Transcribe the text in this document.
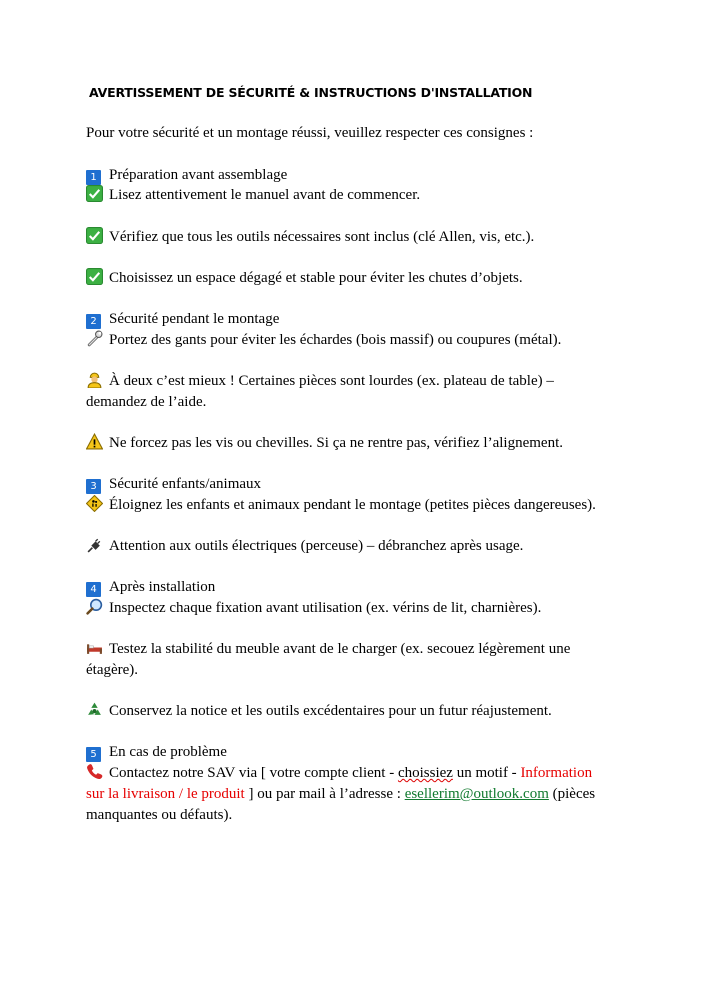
AVERTISSEMENT DE SÉCURITÉ & INSTRUCTIONS D'INSTALLATION
Pour votre sécurité et un montage réussi, veuillez respecter ces consignes :
1 Préparation avant assemblage
Lisez attentivement le manuel avant de commencer.
Vérifiez que tous les outils nécessaires sont inclus (clé Allen, vis, etc.).
Choisissez un espace dégagé et stable pour éviter les chutes d’objets.
2 Sécurité pendant le montage
Portez des gants pour éviter les échardes (bois massif) ou coupures (métal).
À deux c’est mieux ! Certaines pièces sont lourdes (ex. plateau de table) –
demandez de l’aide.
Ne forcez pas les vis ou chevilles. Si ça ne rentre pas, vérifiez l’alignement.
3 Sécurité enfants/animaux
Éloignez les enfants et animaux pendant le montage (petites pièces dangereuses).
Attention aux outils électriques (perceuse) – débranchez après usage.
4 Après installation
Inspectez chaque fixation avant utilisation (ex. vérins de lit, charnières).
Testez la stabilité du meuble avant de le charger (ex. secouez légèrement une
étagère).
Conservez la notice et les outils excédentaires pour un futur réajustement.
5 En cas de problème
Contactez notre SAV via [ votre compte client - choissiez un motif - Information
sur la livraison / le produit ] ou par mail à l’adresse : esellerim@outlook.com (pièces
manquantes ou défauts).
